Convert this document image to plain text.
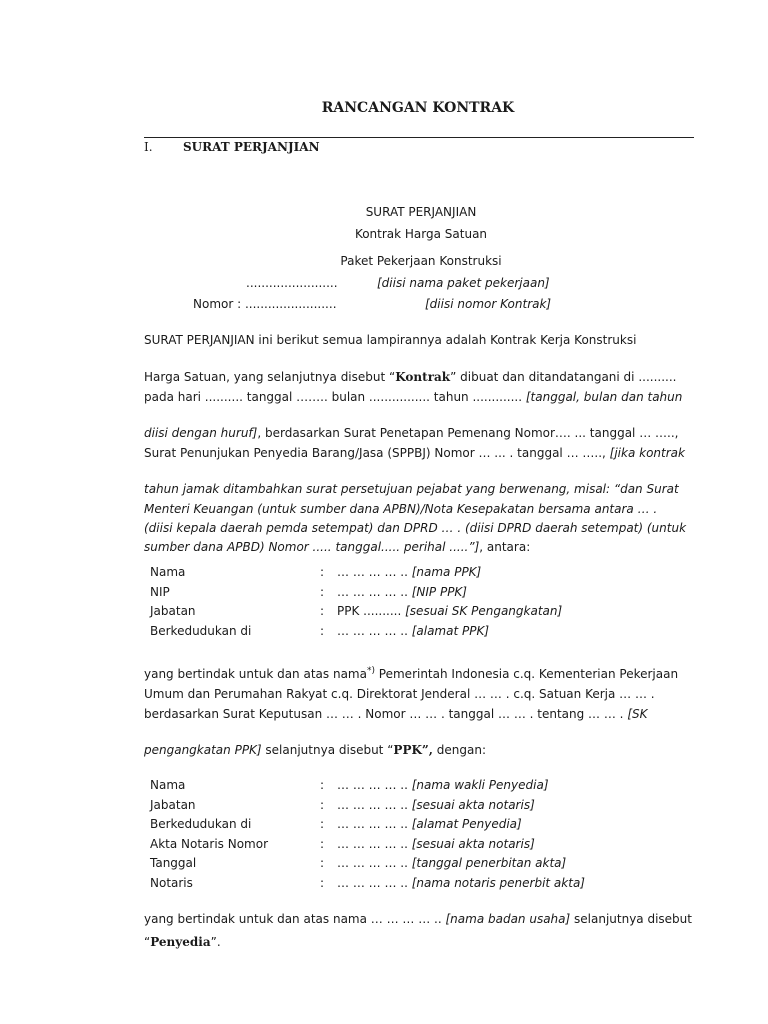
RANCANGAN KONTRAK
I.	SURAT PERJANJIAN
SURAT PERJANJIAN
Kontrak Harga Satuan
Paket Pekerjaan Konstruksi
........................	[diisi nama paket pekerjaan]
Nomor : ........................	[diisi nomor Kontrak]
SURAT PERJANJIAN ini berikut semua lampirannya adalah Kontrak Kerja Konstruksi
Harga Satuan, yang selanjutnya disebut “Kontrak” dibuat dan ditandatangani di ..........
pada hari .......... tanggal …….. bulan ................ tahun ............. [tanggal, bulan dan tahun
diisi dengan huruf], berdasarkan Surat Penetapan Pemenang Nomor…. ... tanggal … …..,
Surat Penunjukan Penyedia Barang/Jasa (SPPBJ) Nomor … ... . tanggal … ….., [jika kontrak
tahun jamak ditambahkan surat persetujuan pejabat yang berwenang, misal: “dan Surat
Menteri Keuangan (untuk sumber dana APBN)/Nota Kesepakatan bersama antara … .
(diisi kepala daerah pemda setempat) dan DPRD … . (diisi DPRD daerah setempat) (untuk
sumber dana APBD) Nomor ..... tanggal..... perihal .....”], antara:
Nama	: … … … … .. [nama PPK]
NIP	: … … … … .. [NIP PPK]
Jabatan	: PPK .......... [sesuai SK Pengangkatan]
Berkedudukan di	: … … … … .. [alamat PPK]
yang bertindak untuk dan atas nama*) Pemerintah Indonesia c.q. Kementerian Pekerjaan
Umum dan Perumahan Rakyat c.q. Direktorat Jenderal … … . c.q. Satuan Kerja … … .
berdasarkan Surat Keputusan … … . Nomor … … . tanggal … … . tentang … … . [SK
pengangkatan PPK] selanjutnya disebut “PPK”, dengan:
Nama	: … … … … .. [nama wakli Penyedia]
Jabatan	: … … … … .. [sesuai akta notaris]
Berkedudukan di	: … … … … .. [alamat Penyedia]
Akta Notaris Nomor	: … … … … .. [sesuai akta notaris]
Tanggal	: … … … … .. [tanggal penerbitan akta]
Notaris	: … … … … .. [nama notaris penerbit akta]
yang bertindak untuk dan atas nama … … … … .. [nama badan usaha] selanjutnya disebut
“Penyedia”.
